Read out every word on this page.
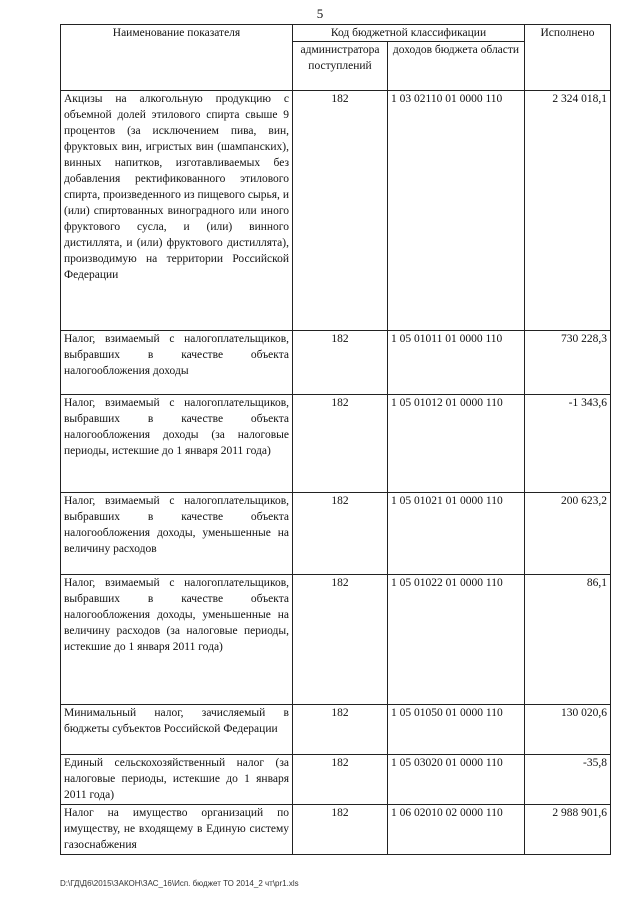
5
Наименование показателя	Код бюджетной классификации		Исполнено
	администратора поступлений	доходов бюджета области	
Акцизы на алкогольную продукцию с объемной долей этилового спирта свыше 9 процентов (за исключением пива, вин, фруктовых вин, игристых вин (шампанских), винных напитков, изготавливаемых без добавления ректификованного этилового спирта, произведенного из пищевого сырья, и (или) спиртованных виноградного или иного фруктового сусла, и (или) винного дистиллята, и (или) фруктового дистиллята), производимую на территории Российской Федерации	182	1 03 02110 01 0000 110	2 324 018,1
Налог, взимаемый с налогоплательщиков, выбравших в качестве объекта налогообложения доходы	182	1 05 01011 01 0000 110	730 228,3
Налог, взимаемый с налогоплательщиков, выбравших в качестве объекта налогообложения доходы (за налоговые периоды, истекшие до 1 января 2011 года)	182	1 05 01012 01 0000 110	-1 343,6
Налог, взимаемый с налогоплательщиков, выбравших в качестве объекта налогообложения доходы, уменьшенные на величину расходов	182	1 05 01021 01 0000 110	200 623,2
Налог, взимаемый с налогоплательщиков, выбравших в качестве объекта налогообложения доходы, уменьшенные на величину расходов (за налоговые периоды, истекшие до 1 января 2011 года)	182	1 05 01022 01 0000 110	86,1
Минимальный налог, зачисляемый в бюджеты субъектов Российской Федерации	182	1 05 01050 01 0000 110	130 020,6
Единый сельскохозяйственный налог (за налоговые периоды, истекшие до 1 января 2011 года)	182	1 05 03020 01 0000 110	-35,8
Налог на имущество организаций по имуществу, не входящему в Единую систему газоснабжения	182	1 06 02010 02 0000 110	2 988 901,6
D:\ГД\Д6\2015\ЗАКОН\ЗАС_16\Исп. бюджет ТО 2014_2 чт\pr1.xls
